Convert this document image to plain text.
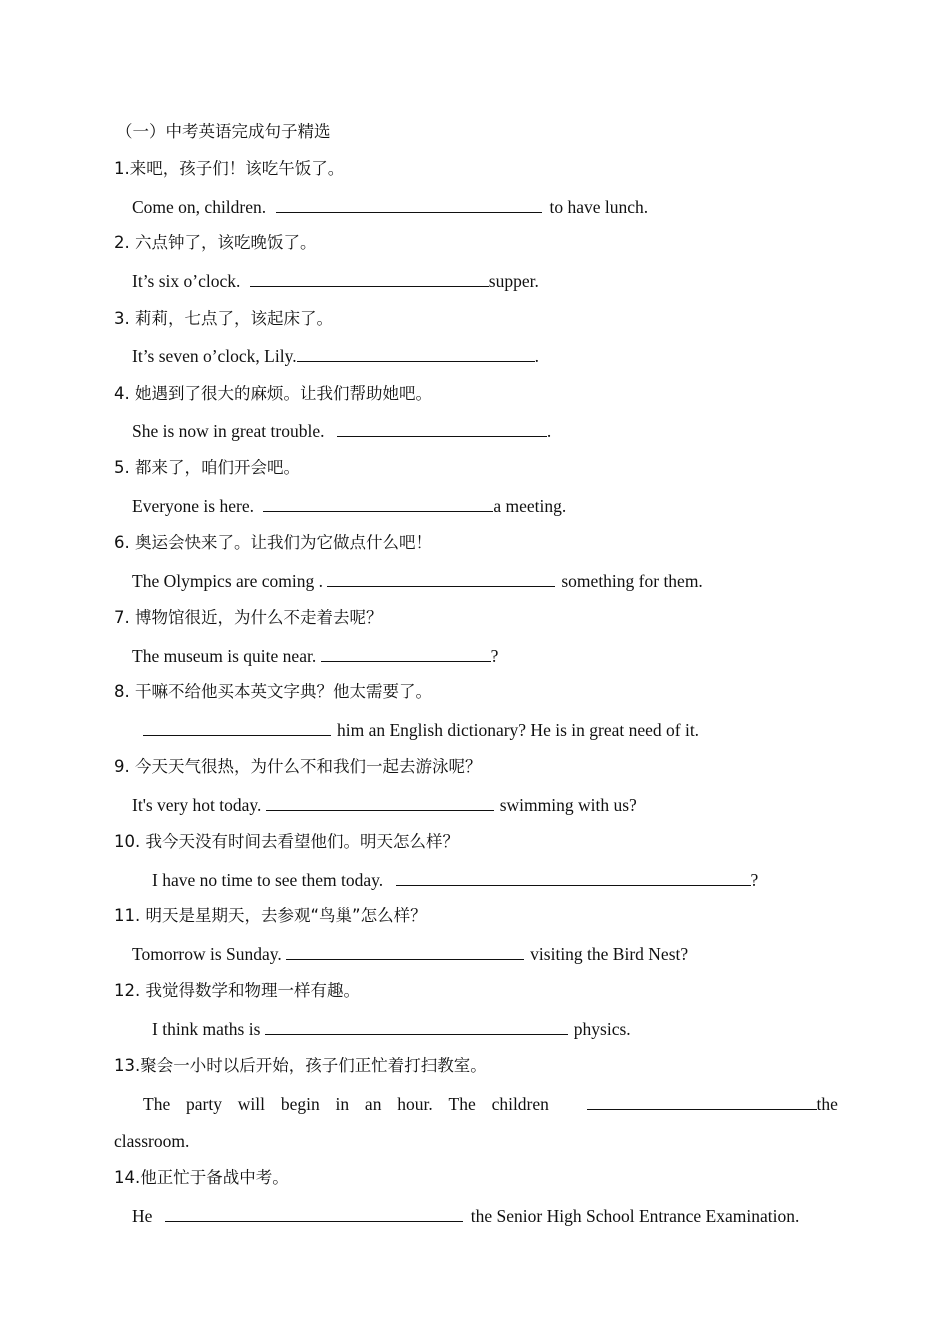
（一）中考英语完成句子精选
1.来吧，孩子们！该吃午饭了。
Come on, children.	to have lunch.
2. 六点钟了，该吃晚饭了。
It’s six o’clock.	supper.
3. 莉莉，七点了，该起床了。
It’s seven o’clock, Lily.	.
4. 她遇到了很大的麻烦。让我们帮助她吧。
She is now in great trouble.	.
5. 都来了，咱们开会吧。
Everyone is here.	a meeting.
6. 奥运会快来了。让我们为它做点什么吧！
The Olympics are coming .	something for them.
7. 博物馆很近，为什么不走着去呢？
The museum is quite near.	?
8. 干嘛不给他买本英文字典？他太需要了。
him an English dictionary? He is in great need of it.
9. 今天天气很热，为什么不和我们一起去游泳呢？
It's very hot today.	swimming with us?
10. 我今天没有时间去看望他们。明天怎么样？
I have no time to see them today.	?
11. 明天是星期天，去参观“鸟巢”怎么样？
Tomorrow is Sunday.	visiting the Bird Nest?
12. 我觉得数学和物理一样有趣。
I think maths is	physics.
13.聚会一小时以后开始，孩子们正忙着打扫教室。
The party will begin in an hour. The children	the
classroom.
14.他正忙于备战中考。
He	the Senior High School Entrance Examination.
